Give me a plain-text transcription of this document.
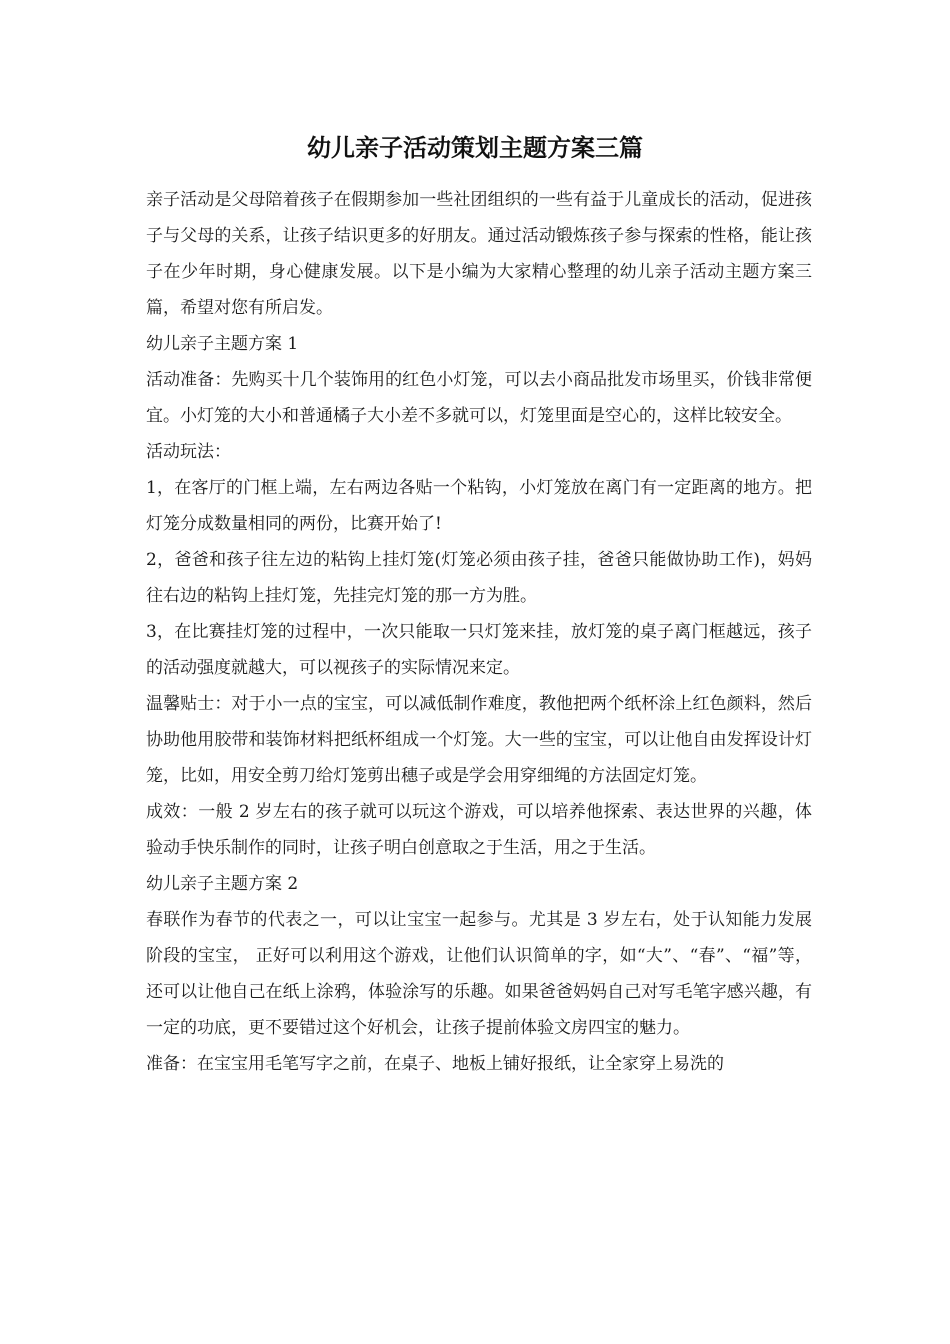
幼儿亲子活动策划主题方案三篇

亲子活动是父母陪着孩子在假期参加一些社团组织的一些有益于儿童成长的活动，促进孩子与父母的关系，让孩子结识更多的好朋友。通过活动锻炼孩子参与探索的性格，能让孩子在少年时期，身心健康发展。以下是小编为大家精心整理的幼儿亲子活动主题方案三篇，希望对您有所启发。

幼儿亲子主题方案 1

活动准备：先购买十几个装饰用的红色小灯笼，可以去小商品批发市场里买，价钱非常便宜。小灯笼的大小和普通橘子大小差不多就可以，灯笼里面是空心的，这样比较安全。

活动玩法：

1，在客厅的门框上端，左右两边各贴一个粘钩，小灯笼放在离门有一定距离的地方。把灯笼分成数量相同的两份，比赛开始了!

2，爸爸和孩子往左边的粘钩上挂灯笼(灯笼必须由孩子挂，爸爸只能做协助工作)，妈妈往右边的粘钩上挂灯笼，先挂完灯笼的那一方为胜。

3，在比赛挂灯笼的过程中，一次只能取一只灯笼来挂，放灯笼的桌子离门框越远，孩子的活动强度就越大，可以视孩子的实际情况来定。

温馨贴士：对于小一点的宝宝，可以减低制作难度，教他把两个纸杯涂上红色颜料，然后协助他用胶带和装饰材料把纸杯组成一个灯笼。大一些的宝宝，可以让他自由发挥设计灯笼，比如，用安全剪刀给灯笼剪出穗子或是学会用穿细绳的方法固定灯笼。

成效：一般 2 岁左右的孩子就可以玩这个游戏，可以培养他探索、表达世界的兴趣，体验动手快乐制作的同时，让孩子明白创意取之于生活，用之于生活。

幼儿亲子主题方案 2

春联作为春节的代表之一，可以让宝宝一起参与。尤其是 3 岁左右，处于认知能力发展阶段的宝宝， 正好可以利用这个游戏，让他们认识简单的字，如“大”、“春”、“福”等，还可以让他自己在纸上涂鸦，体验涂写的乐趣。如果爸爸妈妈自己对写毛笔字感兴趣，有一定的功底，更不要错过这个好机会，让孩子提前体验文房四宝的魅力。

准备：在宝宝用毛笔写字之前，在桌子、地板上铺好报纸，让全家穿上易洗的
